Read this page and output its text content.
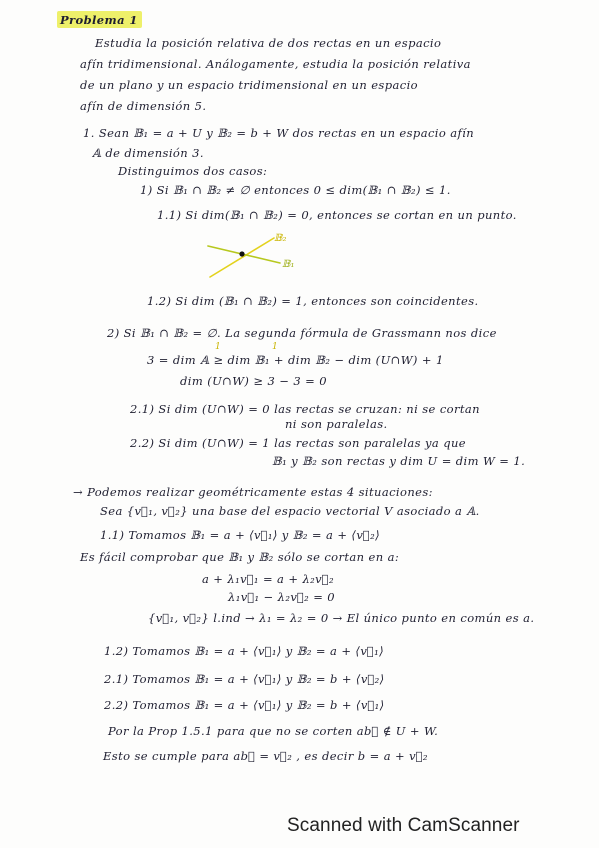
Problema 1
Estudia la posición relativa de dos rectas en un espacio
afín tridimensional. Análogamente, estudia la posición relativa
de un plano y un espacio tridimensional en un espacio
afín de dimensión 5.
1. Sean 𝔹₁ = a + U y 𝔹₂ = b + W dos rectas en un espacio afín
𝔸 de dimensión 3.
Distinguimos dos casos:
1) Si 𝔹₁ ∩ 𝔹₂ ≠ ∅ entonces 0 ≤ dim(𝔹₁ ∩ 𝔹₂) ≤ 1.
1.1) Si dim(𝔹₁ ∩ 𝔹₂) = 0, entonces se cortan en un punto.
𝔹₂
𝔹₁
1.2) Si dim (𝔹₁ ∩ 𝔹₂) = 1, entonces son coincidentes.
2) Si 𝔹₁ ∩ 𝔹₂ = ∅. La segunda fórmula de Grassmann nos dice
1	1
3 = dim 𝔸 ≥ dim 𝔹₁ + dim 𝔹₂ − dim (U∩W) + 1
dim (U∩W) ≥ 3 − 3 = 0
2.1) Si dim (U∩W) = 0 las rectas se cruzan: ni se cortan
ni son paralelas.
2.2) Si dim (U∩W) = 1 las rectas son paralelas ya que
𝔹₁ y 𝔹₂ son rectas y dim U = dim W = 1.
→ Podemos realizar geométricamente estas 4 situaciones:
Sea {v⃗₁, v⃗₂} una base del espacio vectorial V asociado a 𝔸.
1.1) Tomamos 𝔹₁ = a + ⟨v⃗₁⟩ y 𝔹₂ = a + ⟨v⃗₂⟩
Es fácil comprobar que 𝔹₁ y 𝔹₂ sólo se cortan en a:
a + λ₁v⃗₁ = a + λ₂v⃗₂
λ₁v⃗₁ − λ₂v⃗₂ = 0
{v⃗₁, v⃗₂} l.ind → λ₁ = λ₂ = 0 → El único punto en común es a.
1.2) Tomamos 𝔹₁ = a + ⟨v⃗₁⟩ y 𝔹₂ = a + ⟨v⃗₁⟩
2.1) Tomamos 𝔹₁ = a + ⟨v⃗₁⟩ y 𝔹₂ = b + ⟨v⃗₂⟩
2.2) Tomamos 𝔹₁ = a + ⟨v⃗₁⟩ y 𝔹₂ = b + ⟨v⃗₁⟩
Por la Prop 1.5.1 para que no se corten ab⃗ ∉ U + W.
Esto se cumple para ab⃗ = v⃗₂ , es decir b = a + v⃗₂
Scanned with CamScanner
